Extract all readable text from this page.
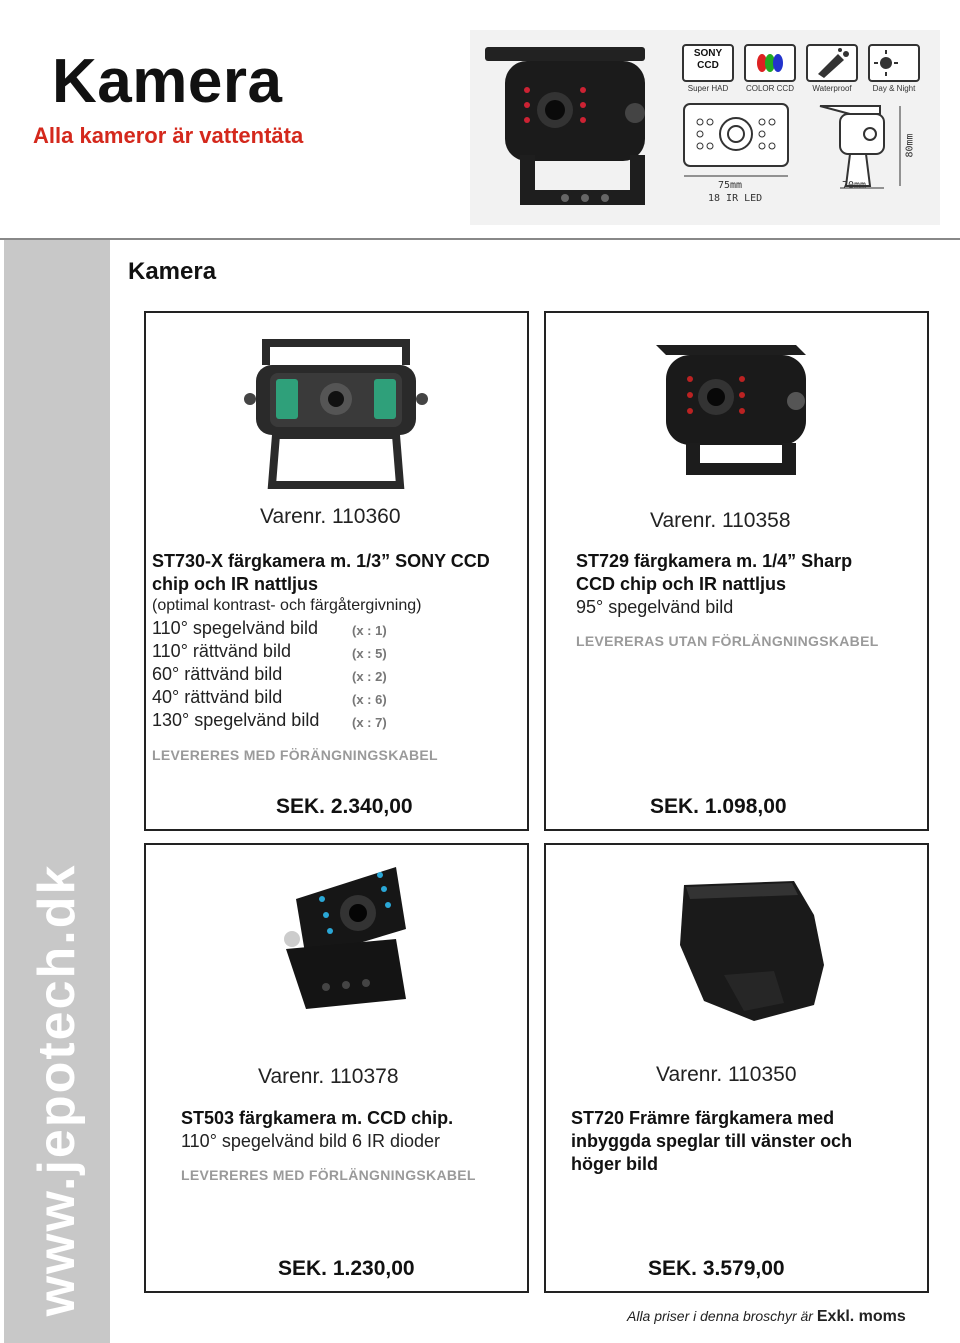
Kamera
Alla kameror är vattentäta
SONY
CCD
Super HAD	COLOR CCD	Waterproof	Day & Night
75mm
18 IR LED
70mm
80mm
www.jepotech.dk
Kamera
Varenr. 110360
ST730-X färgkamera m. 1/3” SONY CCD
chip och IR nattljus
(optimal kontrast- och färgåtergivning)
110° spegelvänd bild	(x : 1)
110° rättvänd bild	(x : 5)
60° rättvänd bild	(x : 2)
40° rättvänd bild	(x : 6)
130° spegelvänd bild	(x : 7)
LEVERERES MED FÖRÄNGNINGSKABEL
SEK. 2.340,00
Varenr. 110358
ST729 färgkamera m. 1/4” Sharp
CCD chip och IR nattljus
95° spegelvänd bild
LEVERERAS UTAN FÖRLÄNGNINGSKABEL
SEK. 1.098,00
Varenr. 110378
ST503 färgkamera m. CCD chip.
110° spegelvänd bild 6 IR dioder
LEVERERES MED FÖRLÄNGNINGSKABEL
SEK. 1.230,00
Varenr. 110350
ST720 Främre färgkamera med
inbyggda speglar till vänster och
höger bild
SEK. 3.579,00
Alla priser i denna broschyr är Exkl. moms
